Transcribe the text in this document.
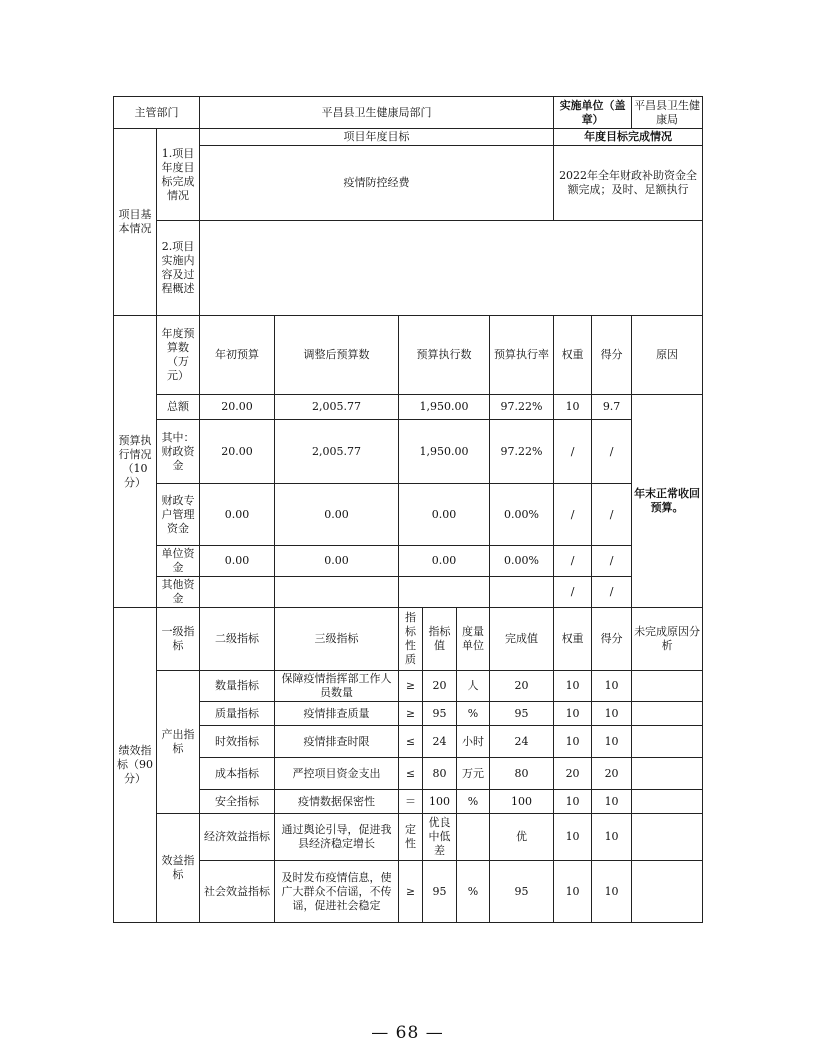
主管部门		平昌县卫生健康局部门						实施单位（盖章）		平昌县卫生健康局
项目基本情况	1.项目年度目标完成情况	项目年度目标						年度目标完成情况		
		疫情防控经费						2022年全年财政补助资金全额完成；及时、足额执行		
	2.项目实施内容及过程概述									
预算执行情况（10分）	年度预算数（万元）	年初预算	调整后预算数	预算执行数			预算执行率	权重	得分	原因
	总额	20.00	2,005.77	1,950.00			97.22%	10	9.7	年末正常收回预算。
	其中：财政资金	20.00	2,005.77	1,950.00			97.22%	/	/	
	财政专户管理资金	0.00	0.00	0.00			0.00%	/	/	
	单位资金	0.00	0.00	0.00			0.00%	/	/	
	其他资金							/	/	
绩效指标（90分）	一级指标	二级指标	三级指标	指标性质	指标值	度量单位	完成值	权重	得分	未完成原因分析
	产出指标	数量指标	保障疫情指挥部工作人员数量	≥	20	人	20	10	10	
		质量指标	疫情排查质量	≥	95	%	95	10	10	
		时效指标	疫情排查时限	≤	24	小时	24	10	10	
		成本指标	严控项目资金支出	≤	80	万元	80	20	20	
		安全指标	疫情数据保密性	＝	100	%	100	10	10	
	效益指标	经济效益指标	通过舆论引导，促进我县经济稳定增长	定性	优良中低差		优	10	10	
		社会效益指标	及时发布疫情信息，使广大群众不信谣，不传谣，促进社会稳定	≥	95	%	95	10	10	
— 68 —
